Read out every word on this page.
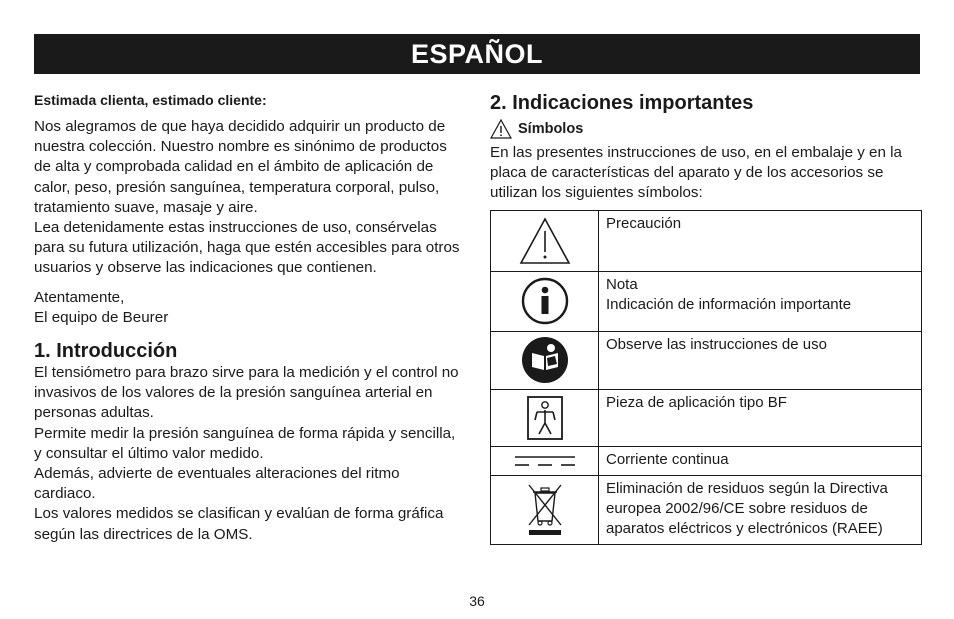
ESPAÑOL

Estimada clienta, estimado cliente:

Nos alegramos de que haya decidido adquirir un producto de nuestra colección. Nuestro nombre es sinónimo de productos de alta y comprobada calidad en el ámbito de aplicación de calor, peso, presión sanguínea, temperatura corporal, pulso, tratamiento suave, masaje y aire.

Lea detenidamente estas instrucciones de uso, consérvelas para su futura utilización, haga que estén accesibles para otros usuarios y observe las indicaciones que contienen.

Atentamente,

El equipo de Beurer

1. Introducción

El tensiómetro para brazo sirve para la medición y el control no invasivos de los valores de la presión sanguínea arterial en personas adultas.

Permite medir la presión sanguínea de forma rápida y sencilla, y consultar el último valor medido.

Además, advierte de eventuales alteraciones del ritmo cardiaco.

Los valores medidos se clasifican y evalúan de forma gráfica según las directrices de la OMS.

2. Indicaciones importantes

Símbolos

En las presentes instrucciones de uso, en el embalaje y en la placa de características del aparato y de los accesorios se utilizan los siguientes símbolos:

	Precaución

Nota
Indicación de información importante

	Observe las instrucciones de uso

	Pieza de aplicación tipo BF

	Corriente continua

	Eliminación de residuos según la Directiva europea 2002/96/CE sobre residuos de aparatos eléctricos y electrónicos (RAEE)
36
